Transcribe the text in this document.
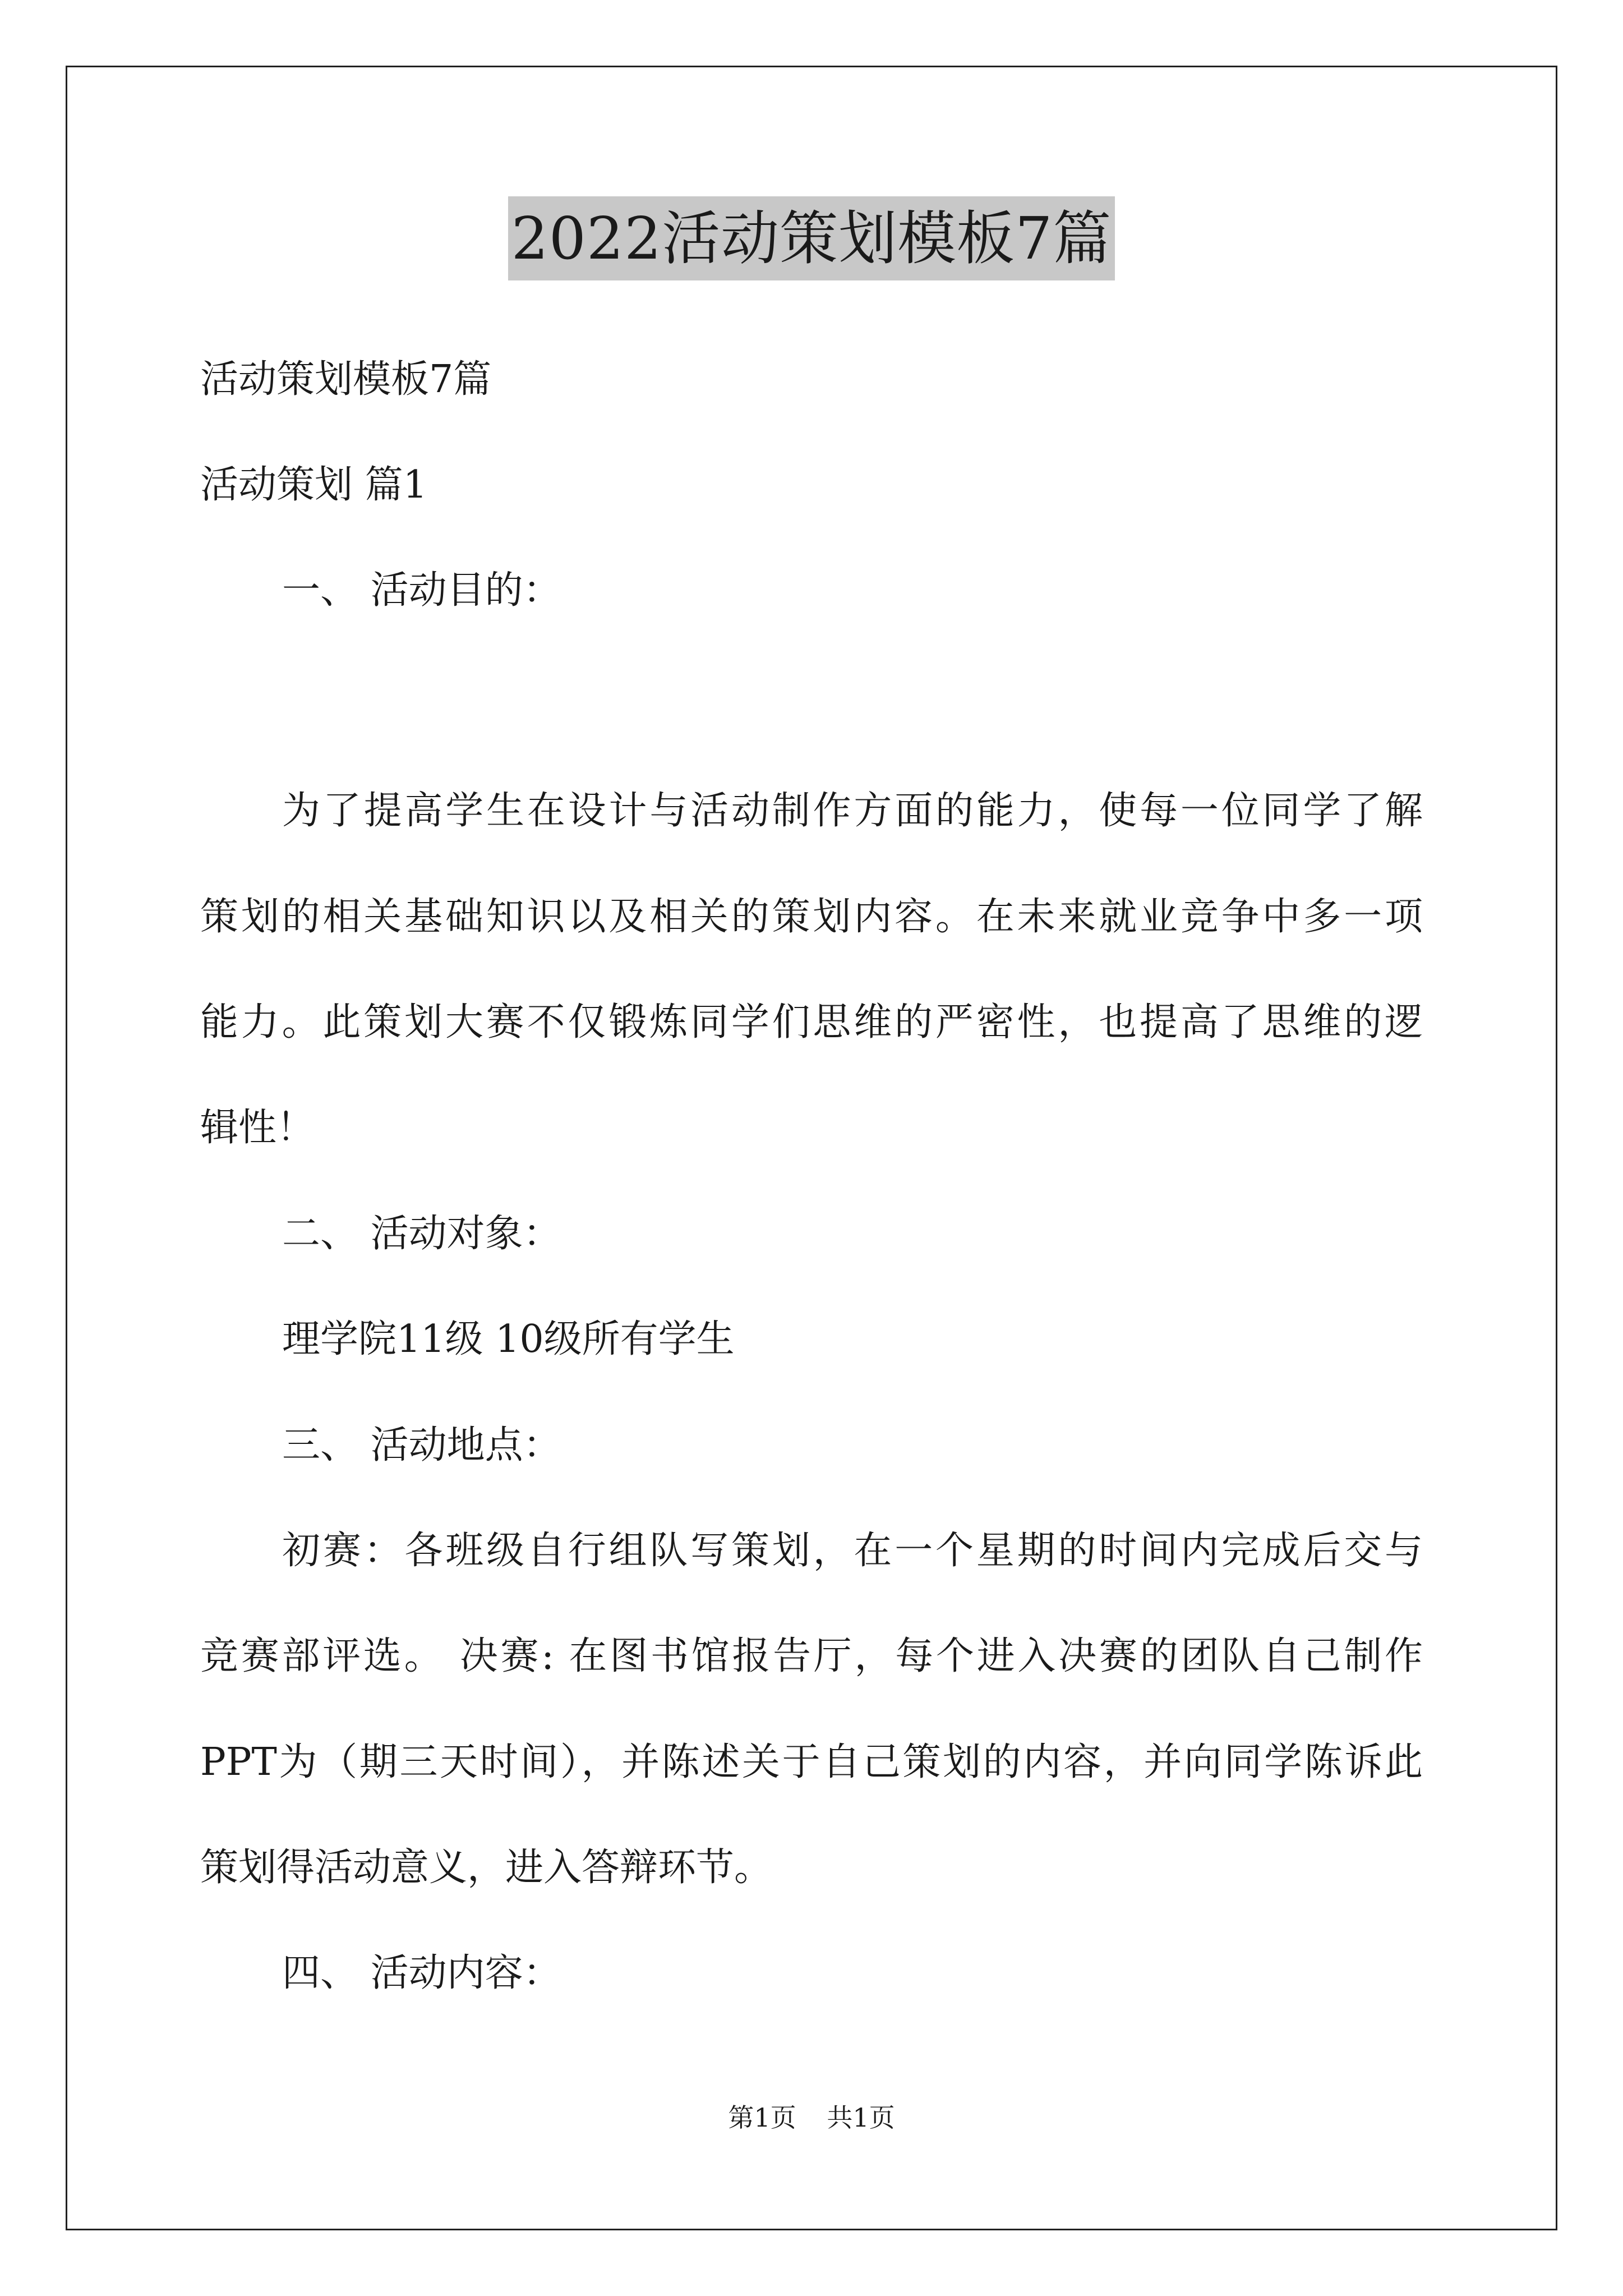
2022活动策划模板7篇
活动策划模板7篇
活动策划 篇1
一、 活动目的：
为了提高学生在设计与活动制作方面的能力，使每一位同学了解
策划的相关基础知识以及相关的策划内容。在未来就业竞争中多一项
能力。此策划大赛不仅锻炼同学们思维的严密性，也提高了思维的逻
辑性！
二、 活动对象：
理学院11级 10级所有学生
三、 活动地点：
初赛：各班级自行组队写策划，在一个星期的时间内完成后交与
竞赛部评选。 决赛: 在图书馆报告厅，每个进入决赛的团队自己制作
PPT为（期三天时间），并陈述关于自己策划的内容，并向同学陈诉此
策划得活动意义，进入答辩环节。
四、 活动内容：
第1页 共1页
